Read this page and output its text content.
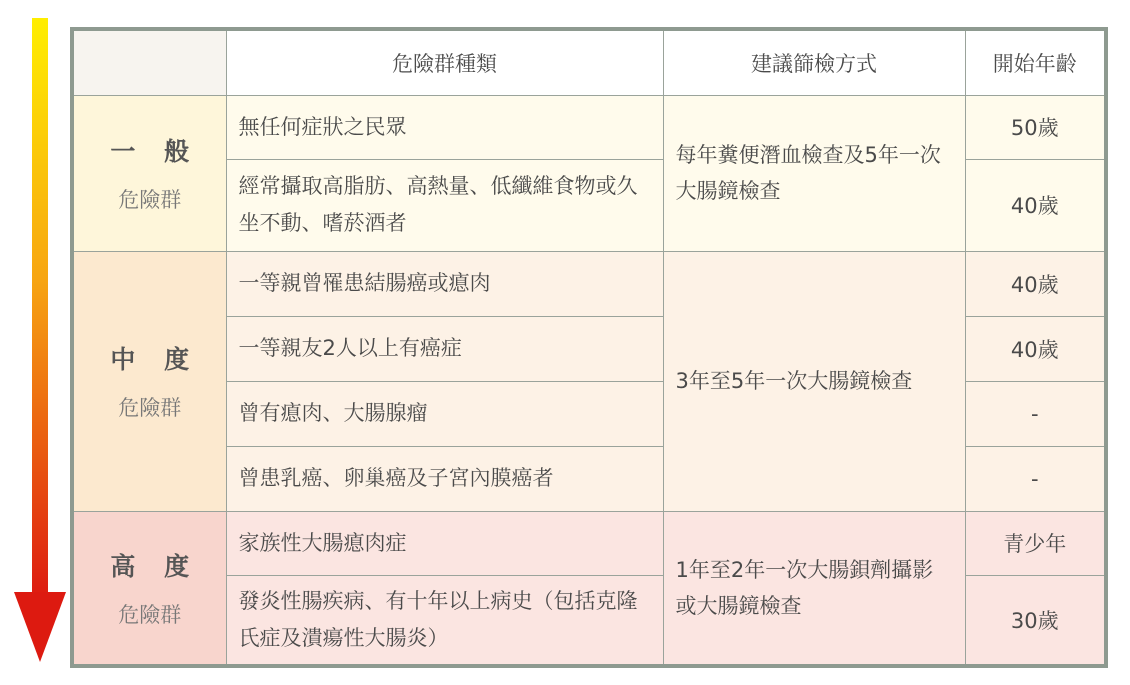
	危險群種類	建議篩檢方式	開始年齡

一 般
危險群	無任何症狀之民眾	每年糞便潛血檢查及5年一次大腸鏡檢查	50歲
	經常攝取高脂肪、高熱量、低纖維食物或久坐不動、嗜菸酒者		40歲

中 度
危險群	一等親曾罹患結腸癌或瘜肉	3年至5年一次大腸鏡檢查	40歲
	一等親友2人以上有癌症		40歲
	曾有瘜肉、大腸腺瘤		-
	曾患乳癌、卵巢癌及子宮內膜癌者		-

高 度
危險群	家族性大腸瘜肉症	1年至2年一次大腸鋇劑攝影或大腸鏡檢查	青少年
	發炎性腸疾病、有十年以上病史（包括克隆氏症及潰瘍性大腸炎）		30歲
